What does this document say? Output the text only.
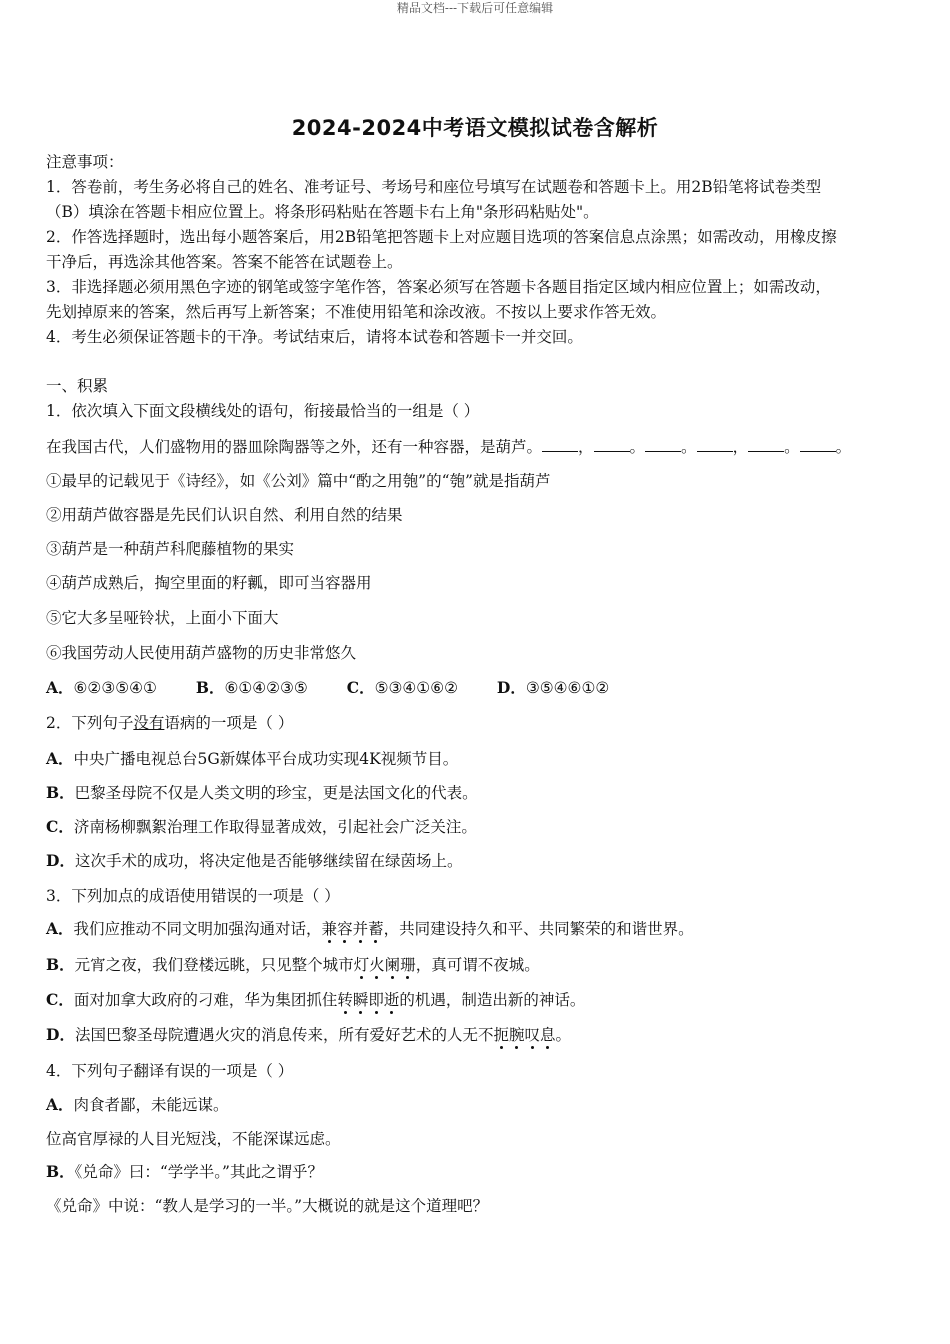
精品文档---下载后可任意编辑
2024-2024中考语文模拟试卷含解析
注意事项：
1．答卷前，考生务必将自己的姓名、准考证号、考场号和座位号填写在试题卷和答题卡上。用2B铅笔将试卷类型
（B）填涂在答题卡相应位置上。将条形码粘贴在答题卡右上角"条形码粘贴处"。
2．作答选择题时，选出每小题答案后，用2B铅笔把答题卡上对应题目选项的答案信息点涂黑；如需改动，用橡皮擦
干净后，再选涂其他答案。答案不能答在试题卷上。
3．非选择题必须用黑色字迹的钢笔或签字笔作答，答案必须写在答题卡各题目指定区域内相应位置上；如需改动，
先划掉原来的答案，然后再写上新答案；不准使用铅笔和涂改液。不按以上要求作答无效。
4．考生必须保证答题卡的干净。考试结束后，请将本试卷和答题卡一并交回。
一、积累
1．依次填入下面文段横线处的语句，衔接最恰当的一组是（ ）
在我国古代，人们盛物用的器皿除陶器等之外，还有一种容器，是葫芦。 ， 。 。 ， 。 。
①最早的记载见于《诗经》，如《公刘》篇中“酌之用匏”的“匏”就是指葫芦
②用葫芦做容器是先民们认识自然、利用自然的结果
③葫芦是一种葫芦科爬藤植物的果实
④葫芦成熟后，掏空里面的籽瓤，即可当容器用
⑤它大多呈哑铃状，上面小下面大
⑥我国劳动人民使用葫芦盛物的历史非常悠久
A．⑥②③⑤④①	B．⑥①④②③⑤	C．⑤③④①⑥②	D．③⑤④⑥①②
2．下列句子没有语病的一项是（ ）
A．中央广播电视总台5G新媒体平台成功实现4K视频节目。
B．巴黎圣母院不仅是人类文明的珍宝，更是法国文化的代表。
C．济南杨柳飘絮治理工作取得显著成效，引起社会广泛关注。
D．这次手术的成功，将决定他是否能够继续留在绿茵场上。
3．下列加点的成语使用错误的一项是（ ）
A．我们应推动不同文明加强沟通对话，兼容并蓄，共同建设持久和平、共同繁荣的和谐世界。
B．元宵之夜，我们登楼远眺，只见整个城市灯火阑珊，真可谓不夜城。
C．面对加拿大政府的刁难，华为集团抓住转瞬即逝的机遇，制造出新的神话。
D．法国巴黎圣母院遭遇火灾的消息传来，所有爱好艺术的人无不扼腕叹息。
4．下列句子翻译有误的一项是（ ）
A．肉食者鄙，未能远谋。
位高官厚禄的人目光短浅，不能深谋远虑。
B．《兑命》曰：“学学半。”其此之谓乎？
《兑命》中说：“教人是学习的一半。”大概说的就是这个道理吧？
